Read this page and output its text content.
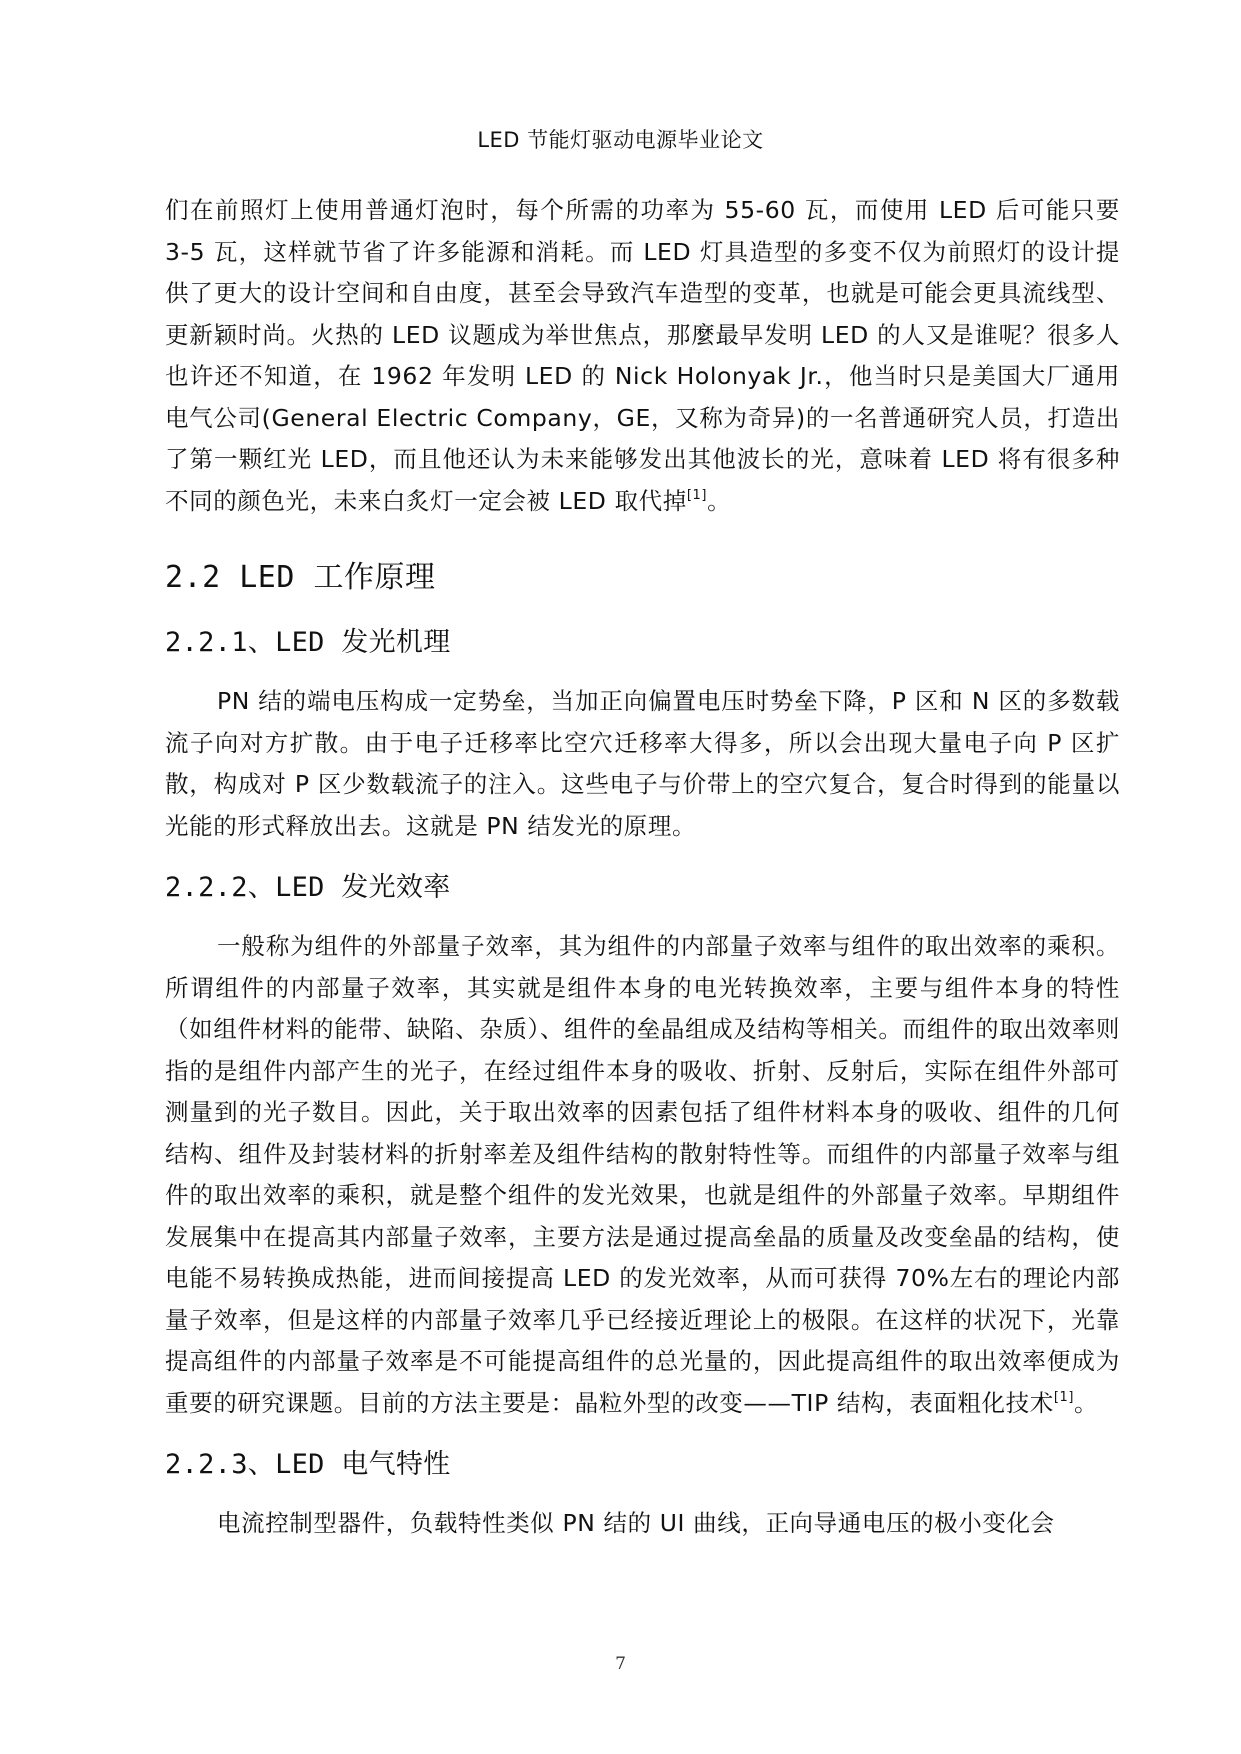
LED 节能灯驱动电源毕业论文

们在前照灯上使用普通灯泡时，每个所需的功率为 55-60 瓦，而使用 LED 后可能只要 3-5 瓦，这样就节省了许多能源和消耗。而 LED 灯具造型的多变不仅为前照灯的设计提供了更大的设计空间和自由度，甚至会导致汽车造型的变革，也就是可能会更具流线型、更新颖时尚。火热的 LED 议题成为举世焦点，那麼最早发明 LED 的人又是谁呢？很多人也许还不知道，在 1962 年发明 LED 的 Nick Holonyak Jr.，他当时只是美国大厂通用电气公司(General Electric Company，GE，又称为奇异)的一名普通研究人员，打造出了第一颗红光 LED，而且他还认为未来能够发出其他波长的光，意味着 LED 将有很多种不同的颜色光，未来白炙灯一定会被 LED 取代掉[1]。

2.2 LED 工作原理
2.2.1、LED 发光机理

PN 结的端电压构成一定势垒，当加正向偏置电压时势垒下降，P 区和 N 区的多数载流子向对方扩散。由于电子迁移率比空穴迁移率大得多，所以会出现大量电子向 P 区扩散，构成对 P 区少数载流子的注入。这些电子与价带上的空穴复合，复合时得到的能量以光能的形式释放出去。这就是 PN 结发光的原理。

2.2.2、LED 发光效率

一般称为组件的外部量子效率，其为组件的内部量子效率与组件的取出效率的乘积。所谓组件的内部量子效率，其实就是组件本身的电光转换效率，主要与组件本身的特性（如组件材料的能带、缺陷、杂质）、组件的垒晶组成及结构等相关。而组件的取出效率则指的是组件内部产生的光子，在经过组件本身的吸收、折射、反射后，实际在组件外部可测量到的光子数目。因此，关于取出效率的因素包括了组件材料本身的吸收、组件的几何结构、组件及封装材料的折射率差及组件结构的散射特性等。而组件的内部量子效率与组件的取出效率的乘积，就是整个组件的发光效果，也就是组件的外部量子效率。早期组件发展集中在提高其内部量子效率，主要方法是通过提高垒晶的质量及改变垒晶的结构，使电能不易转换成热能，进而间接提高 LED 的发光效率，从而可获得 70%左右的理论内部量子效率，但是这样的内部量子效率几乎已经接近理论上的极限。在这样的状况下，光靠提高组件的内部量子效率是不可能提高组件的总光量的，因此提高组件的取出效率便成为重要的研究课题。目前的方法主要是：晶粒外型的改变——TIP 结构，表面粗化技术[1]。

2.2.3、LED 电气特性

电流控制型器件，负载特性类似 PN 结的 UI 曲线，正向导通电压的极小变化会

7
